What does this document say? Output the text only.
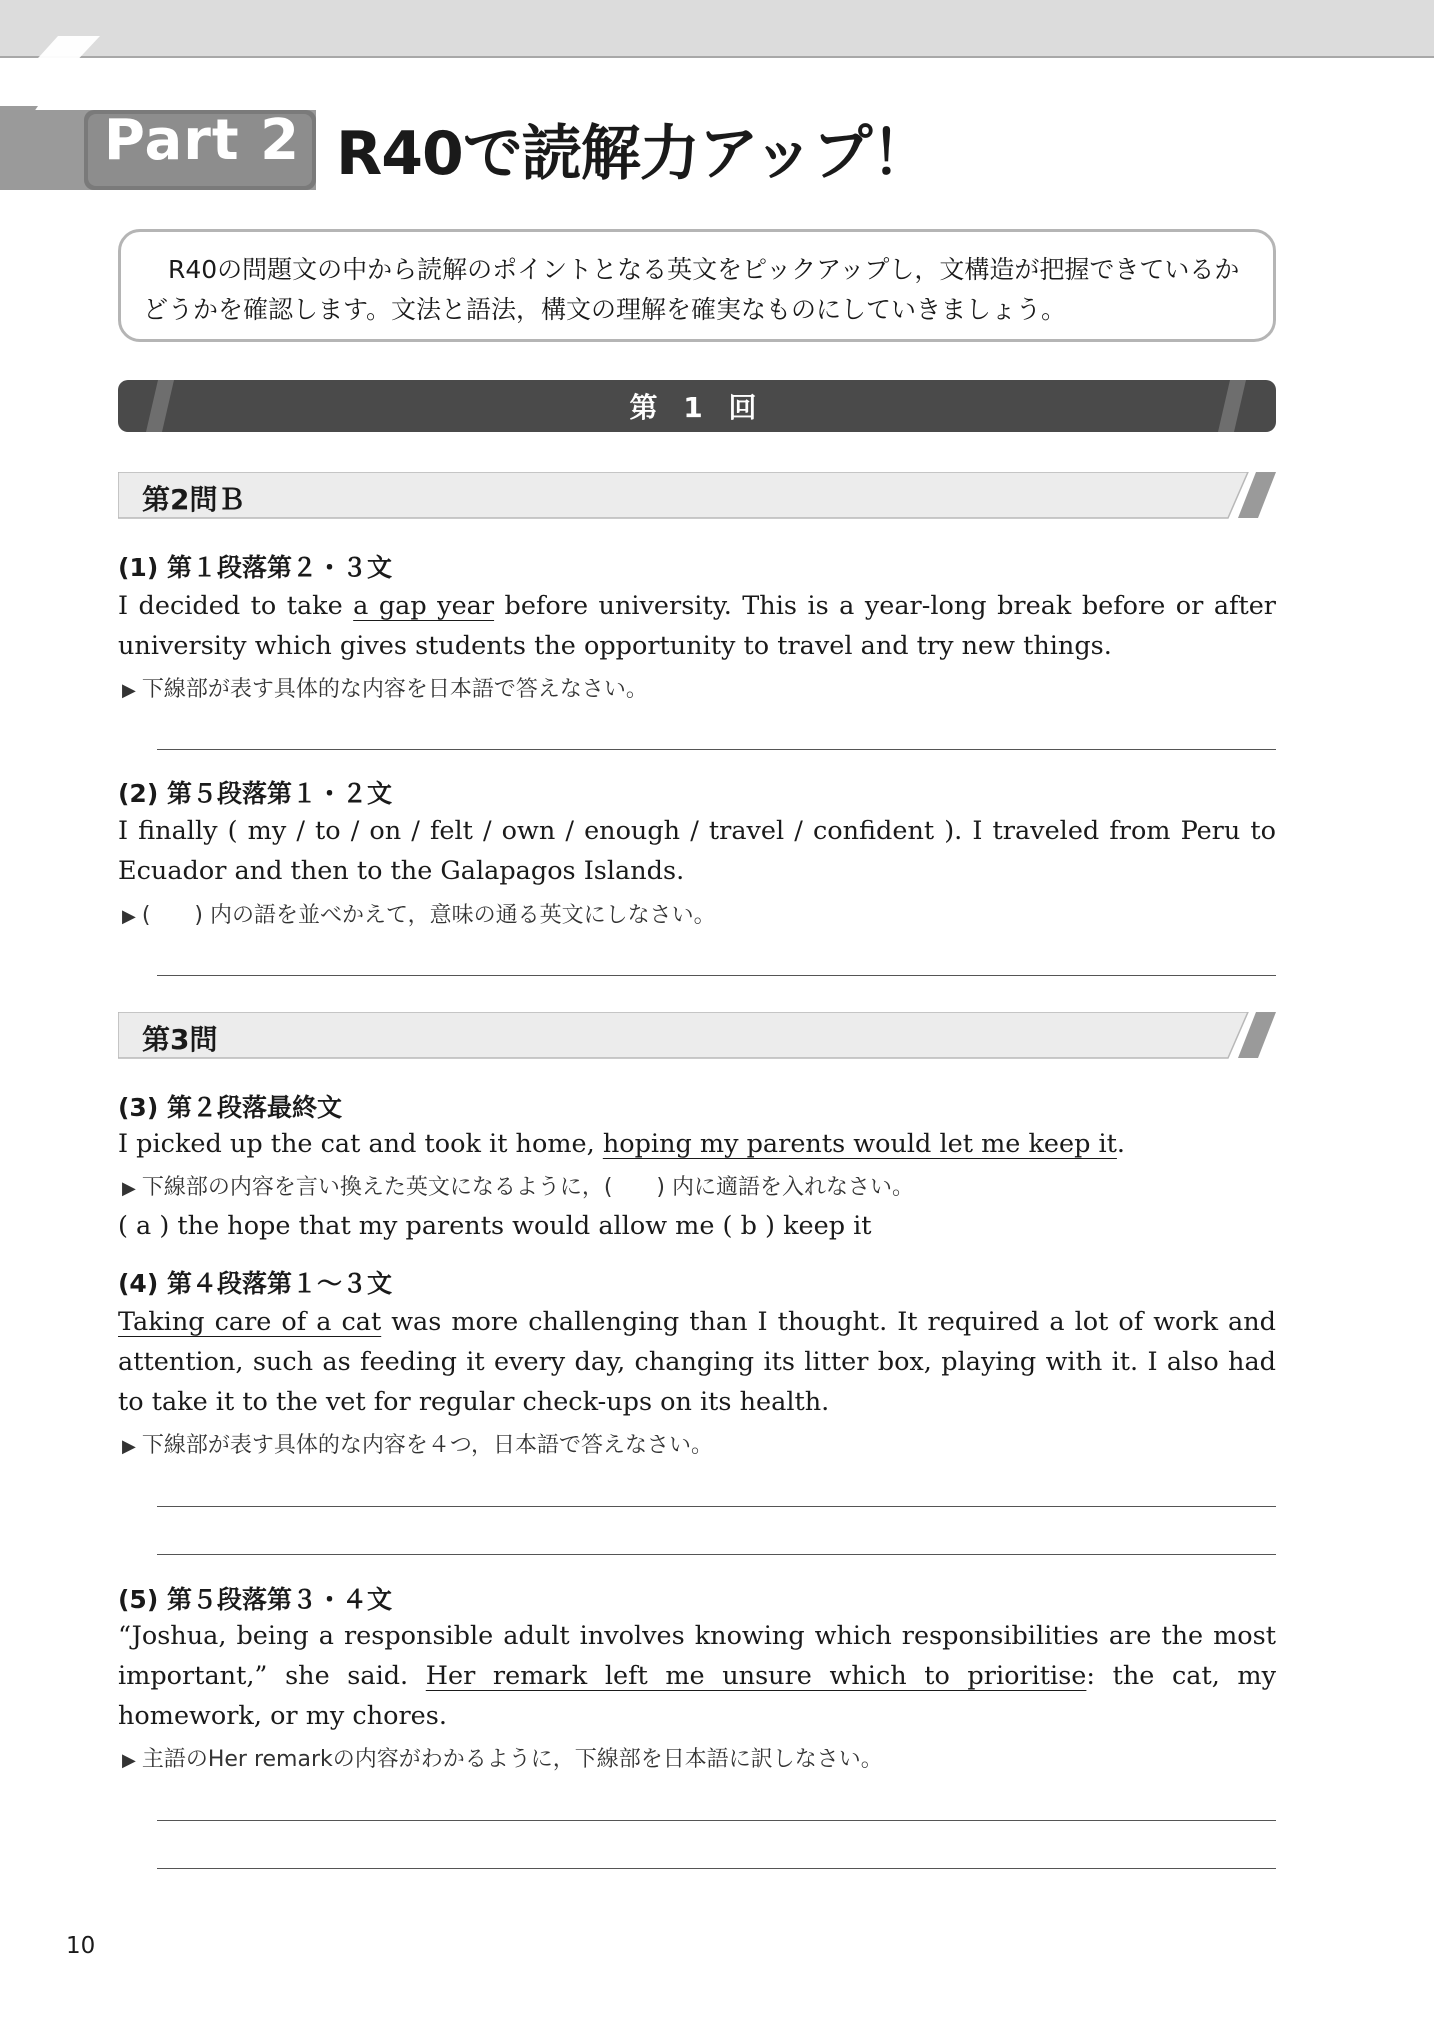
Part 2 R40で読解力アップ！

　R40の問題文の中から読解のポイントとなる英文をピックアップし，文構造が把握できているかどうかを確認します。文法と語法，構文の理解を確実なものにしていきましょう。

第 1 回
第2問Ｂ
(1) 第１段落第２・３文

I decided to take a gap year before university. This is a year-long break before or after university which gives students the opportunity to travel and try new things.

▶ 下線部が表す具体的な内容を日本語で答えなさい。
(2) 第５段落第１・２文

I finally ( my / to / on / felt / own / enough / travel / confident ). I traveled from Peru to Ecuador and then to the Galapagos Islands.

▶ (　　) 内の語を並べかえて，意味の通る英文にしなさい。
第3問
(3) 第２段落最終文

I picked up the cat and took it home, hoping my parents would let me keep it.

▶ 下線部の内容を言い換えた英文になるように，(　　) 内に適語を入れなさい。

( a ) the hope that my parents would allow me ( b ) keep it

(4) 第４段落第１～３文

Taking care of a cat was more challenging than I thought. It required a lot of work and attention, such as feeding it every day, changing its litter box, playing with it. I also had to take it to the vet for regular check-ups on its health.

▶ 下線部が表す具体的な内容を４つ，日本語で答えなさい。
(5) 第５段落第３・４文

“Joshua, being a responsible adult involves knowing which responsibilities are the most important,” she said. Her remark left me unsure which to prioritise: the cat, my homework, or my chores.

▶ 主語のHer remarkの内容がわかるように，下線部を日本語に訳しなさい。
10
